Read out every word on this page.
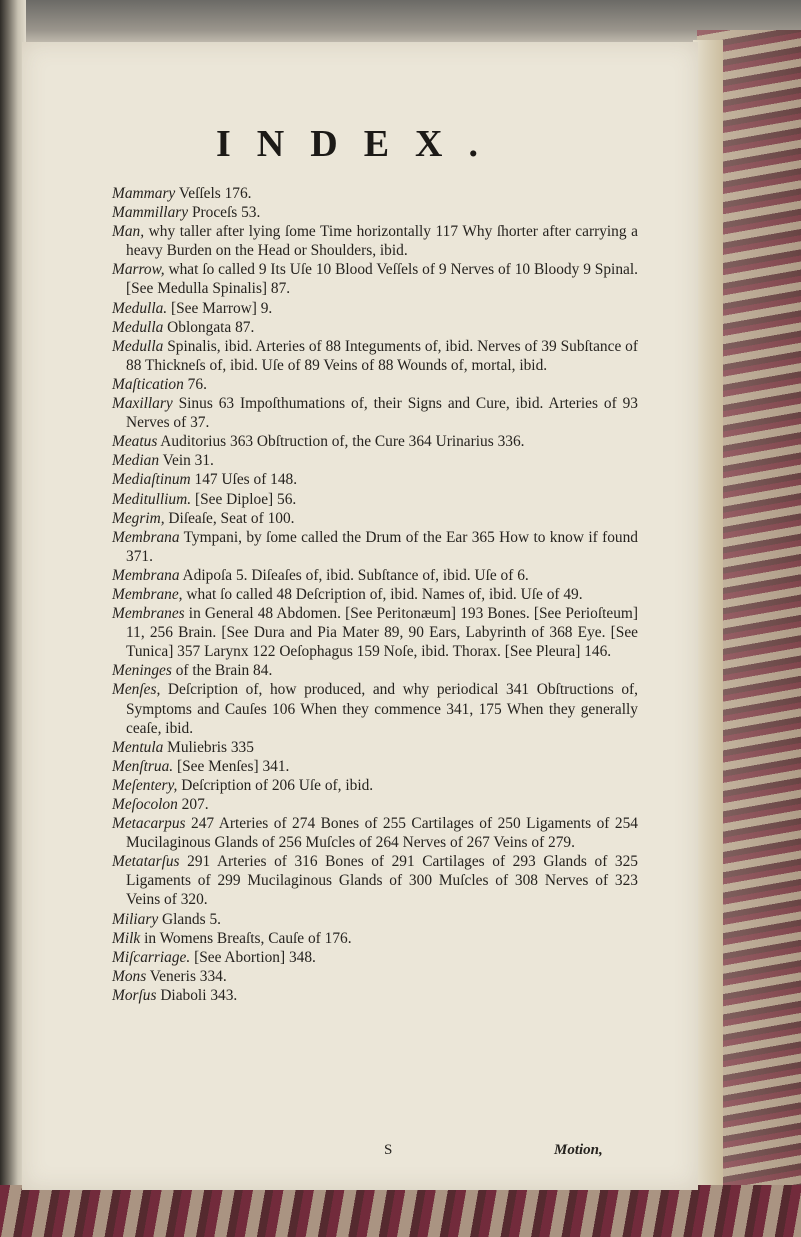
INDEX.
Mammary Veſſels 176.
Mammillary Proceſs 53.
Man, why taller after lying ſome Time horizontally 117 Why ſhorter after carrying a heavy Burden on the Head or Shoulders, ibid.
Marrow, what ſo called 9 Its Uſe 10 Blood Veſſels of 9 Nerves of 10 Bloody 9 Spinal. [See Medulla Spinalis] 87.
Medulla. [See Marrow] 9.
Medulla Oblongata 87.
Medulla Spinalis, ibid. Arteries of 88 Integuments of, ibid. Nerves of 39 Subſtance of 88 Thickneſs of, ibid. Uſe of 89 Veins of 88 Wounds of, mortal, ibid.
Maſtication 76.
Maxillary Sinus 63 Impoſthumations of, their Signs and Cure, ibid. Arteries of 93 Nerves of 37.
Meatus Auditorius 363 Obſtruction of, the Cure 364 Urinarius 336.
Median Vein 31.
Mediaſtinum 147 Uſes of 148.
Meditullium. [See Diploe] 56.
Megrim, Diſeaſe, Seat of 100.
Membrana Tympani, by ſome called the Drum of the Ear 365 How to know if found 371.
Membrana Adipoſa 5. Diſeaſes of, ibid. Subſtance of, ibid. Uſe of 6.
Membrane, what ſo called 48 Deſcription of, ibid. Names of, ibid. Uſe of 49.
Membranes in General 48 Abdomen. [See Peritonæum] 193 Bones. [See Perioſteum] 11, 256 Brain. [See Dura and Pia Mater 89, 90 Ears, Labyrinth of 368 Eye. [See Tunica] 357 Larynx 122 Oeſophagus 159 Noſe, ibid. Thorax. [See Pleura] 146.
Meninges of the Brain 84.
Menſes, Deſcription of, how produced, and why periodical 341 Obſtructions of, Symptoms and Cauſes 106 When they commence 341, 175 When they generally ceaſe, ibid.
Mentula Muliebris 335
Menſtrua. [See Menſes] 341.
Meſentery, Deſcription of 206 Uſe of, ibid.
Meſocolon 207.
Metacarpus 247 Arteries of 274 Bones of 255 Cartilages of 250 Ligaments of 254 Mucilaginous Glands of 256 Muſcles of 264 Nerves of 267 Veins of 279.
Metatarſus 291 Arteries of 316 Bones of 291 Cartilages of 293 Glands of 325 Ligaments of 299 Mucilaginous Glands of 300 Muſcles of 308 Nerves of 323 Veins of 320.
Miliary Glands 5.
Milk in Womens Breaſts, Cauſe of 176.
Miſcarriage. [See Abortion] 348.
Mons Veneris 334.
Morſus Diaboli 343.
S	Motion,
